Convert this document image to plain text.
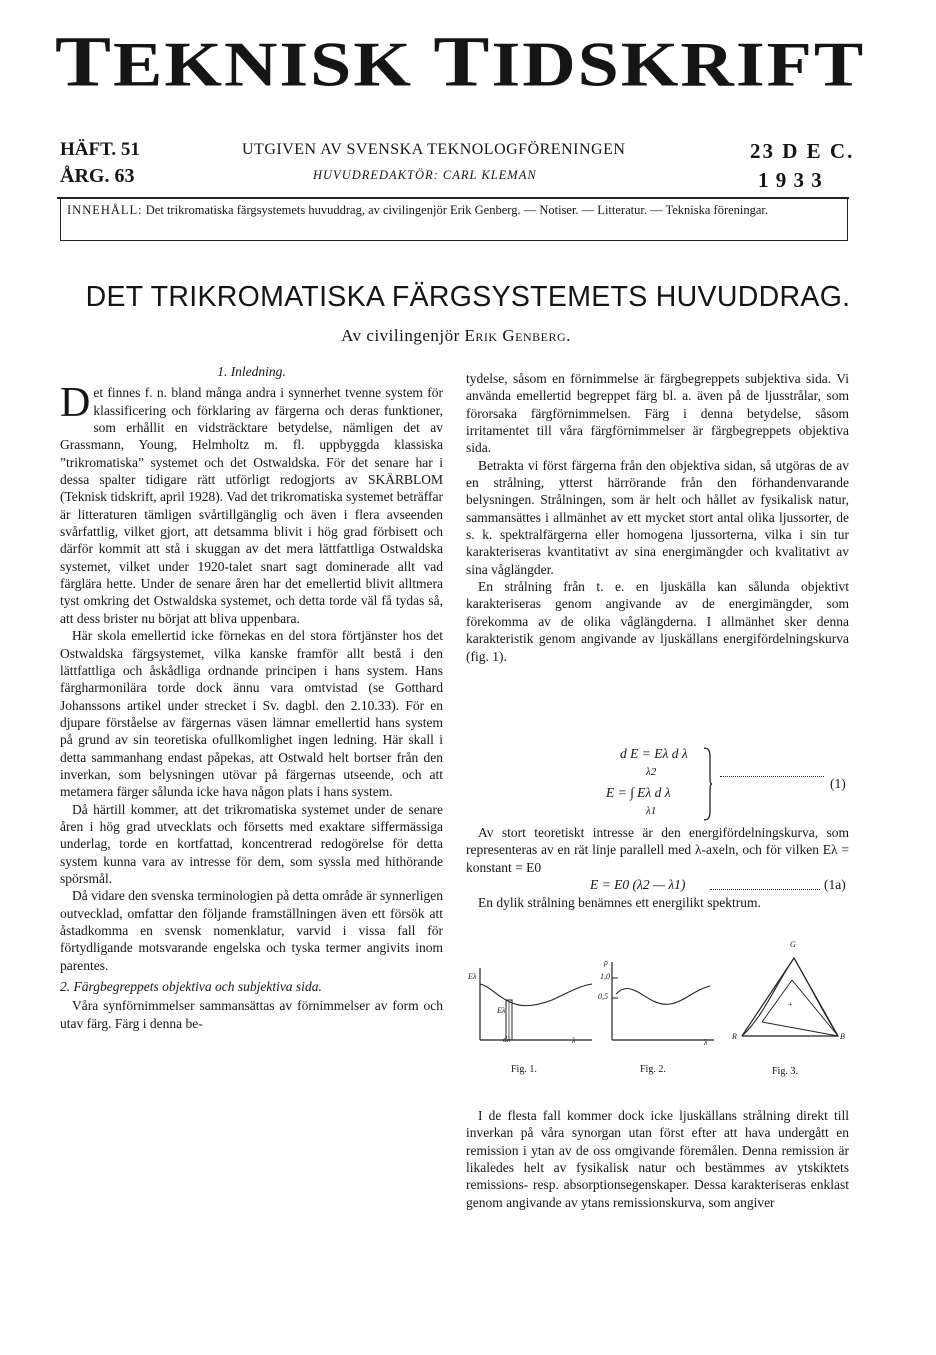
TEKNISK TIDSKRIFT
HÄFT. 51
ÅRG. 63
UTGIVEN AV SVENSKA TEKNOLOGFÖRENINGEN
HUVUDREDAKTÖR: CARL KLEMAN
23 D E C.
1 9 3 3
INNEHÅLL: Det trikromatiska färgsystemets huvuddrag, av civilingenjör Erik Genberg. — Notiser. — Litteratur. — Tekniska föreningar.
DET TRIKROMATISKA FÄRGSYSTEMETS HUVUDDRAG.
Av civilingenjör Erik Genberg.
1. Inledning.

Det finnes f. n. bland många andra i synnerhet tvenne system för klassificering och förklaring av färgerna och deras funktioner, som erhållit en vidsträcktare betydelse, nämligen det av Grassmann, Young, Helmholtz m. fl. uppbyggda klassiska ”trikromatiska” systemet och det Ostwaldska. För det senare har i dessa spalter tidigare rätt utförligt redogjorts av SKÄRBLOM (Teknisk tidskrift, april 1928). Vad det trikromatiska systemet beträffar är litteraturen tämligen svårtillgänglig och även i flera avseenden svårfattlig, vilket gjort, att detsamma blivit i hög grad förbisett och därför kommit att stå i skuggan av det mera lättfattliga Ostwaldska systemet, vilket under 1920-talet snart sagt dominerade allt vad färglära hette. Under de senare åren har det emellertid blivit alltmera tyst omkring det Ostwaldska systemet, och detta torde väl få tydas så, att dess brister nu börjat att bliva uppenbara.

Här skola emellertid icke förnekas en del stora förtjänster hos det Ostwaldska färgsystemet, vilka kanske framför allt bestå i den lättfattliga och åskådliga ordnande principen i hans system. Hans färgharmonilära torde dock ännu vara omtvistad (se Gotthard Johanssons artikel under strecket i Sv. dagbl. den 2.10.33). För en djupare förståelse av färgernas väsen lämnar emellertid hans system på grund av sin teoretiska ofullkomlighet ingen ledning. Här skall i detta sammanhang endast påpekas, att Ostwald helt bortser från den inverkan, som belysningen utövar på färgernas utseende, och att metamera färger sålunda icke hava någon plats i hans system.

Då härtill kommer, att det trikromatiska systemet under de senare åren i hög grad utvecklats och försetts med exaktare siffermässiga underlag, torde en kortfattad, koncentrerad redogörelse för detta system kunna vara av intresse för dem, som syssla med hithörande spörsmål.

Då vidare den svenska terminologien på detta område är synnerligen outvecklad, omfattar den följande framställningen även ett försök att åstadkomma en svensk nomenklatur, varvid i vissa fall för förtydligande motsvarande engelska och tyska termer angivits inom parentes.

2. Färgbegreppets objektiva och subjektiva sida.

Våra synförnimmelser sammansättas av förnimmelser av form och utav färg. Färg i denna be-

tydelse, såsom en förnimmelse är färgbegreppets subjektiva sida. Vi använda emellertid begreppet färg bl. a. även på de ljusstrålar, som förorsaka färgförnimmelsen. Färg i denna betydelse, såsom irritamentet till våra färgförnimmelser är färgbegreppets objektiva sida.

Betrakta vi först färgerna från den objektiva sidan, så utgöras de av en strålning, ytterst härrörande från den förhandenvarande belysningen. Strålningen, som är helt och hållet av fysikalisk natur, sammansättes i allmänhet av ett mycket stort antal olika ljussorter, de s. k. spektralfärgerna eller homogena ljussorterna, vilka i sin tur karakteriseras kvantitativt av sina energimängder och kvalitativt av sina våglängder.

En strålning från t. e. en ljuskälla kan sålunda objektivt karakteriseras genom angivande av de energimängder, som förekomma av de olika våglängderna. I allmänhet sker denna karakteristik genom angivande av ljuskällans energifördelningskurva (fig. 1).

d E = Eλ d λ
λ2
E = ∫ Eλ d λ
λ1
(1)

Av stort teoretiskt intresse är den energifördelningskurva, som representeras av en rät linje parallell med λ-axeln, och för vilken Eλ = konstant = E0

E = E0 (λ2 — λ1)	(1a)

En dylik strålning benämnes ett energilikt spektrum.

Eλ
λ
dλ
Eλ
ρ
1,0
0,5
λ
G
R	B
+
Fig. 1.	Fig. 2.	Fig. 3.

I de flesta fall kommer dock icke ljuskällans strålning direkt till inverkan på våra synorgan utan först efter att hava undergått en remission i ytan av de oss omgivande föremålen. Denna remission är likaledes helt av fysikalisk natur och bestämmes av ytskiktets remissions- resp. absorptionsegenskaper. Dessa karakteriseras enklast genom angivande av ytans remissionskurva, som angiver
